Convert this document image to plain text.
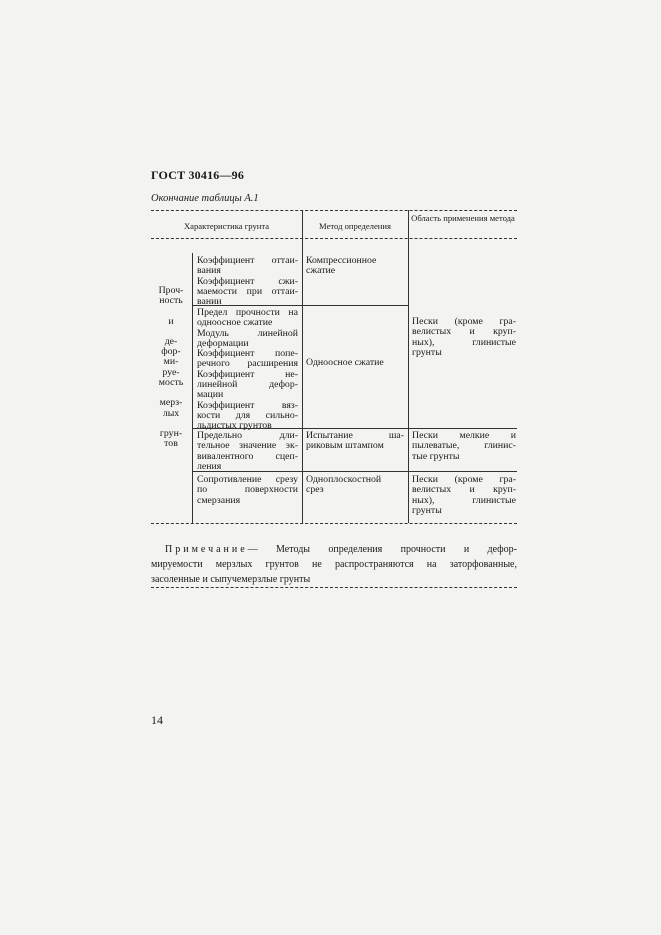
ГОСТ 30416—96
Окончание таблицы А.1
Характеристика грунта	Метод определения
Область применения метода
Проч-
ность
и
де-
фор-
ми-
руе-
мость
мерз-
лых
грун-
тов
Коэффициент оттаи-
вания
Коэффициент сжи-
маемости при оттаи-
вании
Компрессионное
сжатие
Пески (кроме гра-
велистых и круп-
ных), глинистые
грунты
Предел прочности на
одноосное сжатие
Модуль линейной
деформации
Коэффициент попе-
речного расширения
Коэффициент не-
линейной дефор-
мации
Коэффициент вяз-
кости для сильно-
льдистых грунтов
Одноосное сжатие
Предельно дли-
тельное значение эк-
вивалентного сцеп-
ления
Испытание ша-
риковым штампом
Пески мелкие и
пылеватые, глинис-
тые грунты
Сопротивление срезу
по поверхности
смерзания
Одноплоскостной
срез
Пески (кроме гра-
велистых и круп-
ных), глинистые
грунты
Примечание— Методы определения прочности и дефор-
мируемости мерзлых грунтов не распространяются на заторфованные,
засоленные и сыпучемерзлые грунты
14
